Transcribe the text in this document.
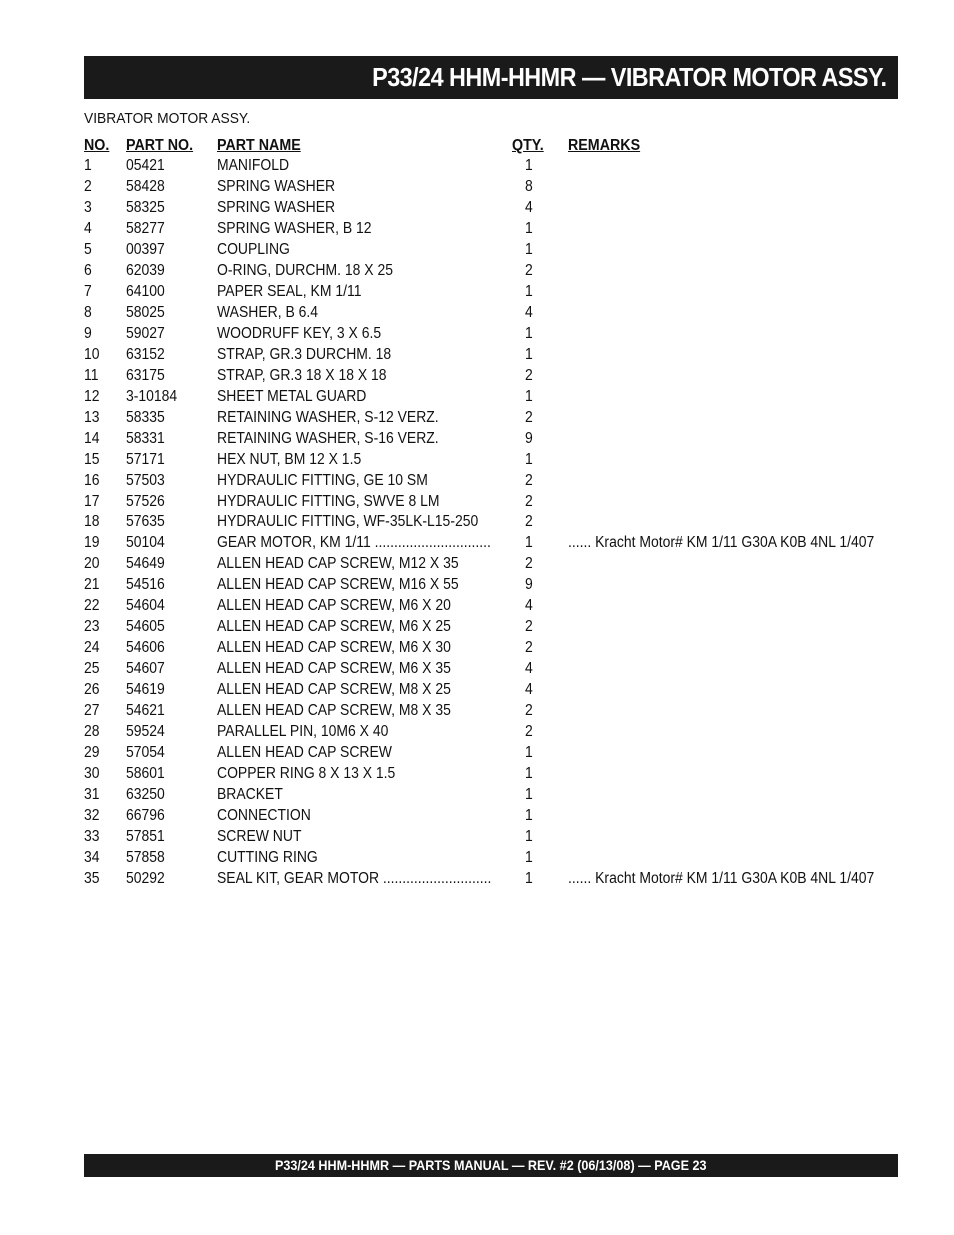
P33/24 HHM-HHMR — VIBRATOR MOTOR ASSY.
VIBRATOR MOTOR ASSY.
NO. PART NO. PART NAME	QTY. REMARKS
1 05421	MANIFOLD	1
2 58428	SPRING WASHER	8
3 58325	SPRING WASHER	4
4 58277	SPRING WASHER, B 12	1
5 00397	COUPLING	1
6 62039	O-RING, DURCHM. 18 X 25	2
7 64100	PAPER SEAL, KM 1/11	1
8 58025	WASHER, B 6.4	4
9 59027	WOODRUFF KEY, 3 X 6.5	1
10 63152	STRAP, GR.3 DURCHM. 18	1
11 63175	STRAP, GR.3 18 X 18 X 18	2
12 3-10184	SHEET METAL GUARD	1
13 58335	RETAINING WASHER, S-12 VERZ.	2
14 58331	RETAINING WASHER, S-16 VERZ.	9
15 57171	HEX NUT, BM 12 X 1.5	1
16 57503	HYDRAULIC FITTING, GE 10 SM	2
17 57526	HYDRAULIC FITTING, SWVE 8 LM	2
18 57635	HYDRAULIC FITTING, WF-35LK-L15-250	2
19 50104	GEAR MOTOR, KM 1/11 .............................. 1 ...... Kracht Motor# KM 1/11 G30A K0B 4NL 1/407
20 54649	ALLEN HEAD CAP SCREW, M12 X 35	2
21 54516	ALLEN HEAD CAP SCREW, M16 X 55	9
22 54604	ALLEN HEAD CAP SCREW, M6 X 20	4
23 54605	ALLEN HEAD CAP SCREW, M6 X 25	2
24 54606	ALLEN HEAD CAP SCREW, M6 X 30	2
25 54607	ALLEN HEAD CAP SCREW, M6 X 35	4
26 54619	ALLEN HEAD CAP SCREW, M8 X 25	4
27 54621	ALLEN HEAD CAP SCREW, M8 X 35	2
28 59524	PARALLEL PIN, 10M6 X 40	2
29 57054	ALLEN HEAD CAP SCREW	1
30 58601	COPPER RING 8 X 13 X 1.5	1
31 63250	BRACKET	1
32 66796	CONNECTION	1
33 57851	SCREW NUT	1
34 57858	CUTTING RING	1
35 50292	SEAL KIT, GEAR MOTOR ............................ 1 ...... Kracht Motor# KM 1/11 G30A K0B 4NL 1/407
P33/24 HHM-HHMR — PARTS MANUAL — REV. #2 (06/13/08) — PAGE 23
